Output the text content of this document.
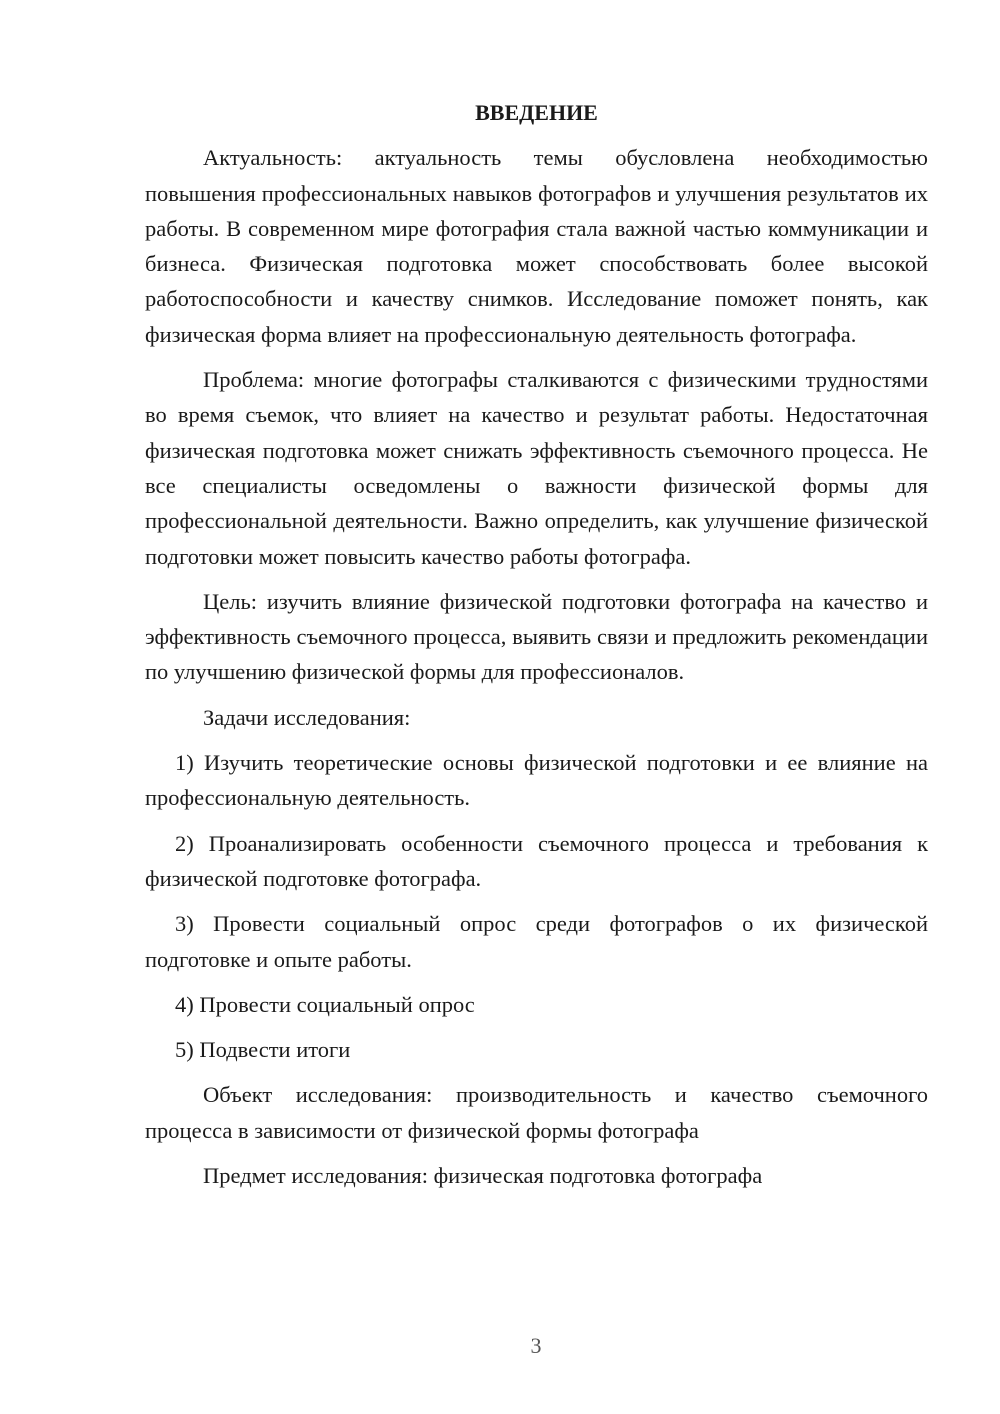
ВВЕДЕНИЕ

Актуальность: актуальность темы обусловлена необходимостью повышения профессиональных навыков фотографов и улучшения результатов их работы. В современном мире фотография стала важной частью коммуникации и бизнеса. Физическая подготовка может способствовать более высокой работоспособности и качеству снимков. Исследование поможет понять, как физическая форма влияет на профессиональную деятельность фотографа.

Проблема: многие фотографы сталкиваются с физическими трудностями во время съемок, что влияет на качество и результат работы. Недостаточная физическая подготовка может снижать эффективность съемочного процесса. Не все специалисты осведомлены о важности физической формы для профессиональной деятельности. Важно определить, как улучшение физической подготовки может повысить качество работы фотографа.

Цель: изучить влияние физической подготовки фотографа на качество и эффективность съемочного процесса, выявить связи и предложить рекомендации по улучшению физической формы для профессионалов.

Задачи исследования:

1) Изучить теоретические основы физической подготовки и ее влияние на профессиональную деятельность.

2) Проанализировать особенности съемочного процесса и требования к физической подготовке фотографа.

3) Провести социальный опрос среди фотографов о их физической подготовке и опыте работы.

4) Провести социальный опрос

5) Подвести итоги

Объект исследования: производительность и качество съемочного процесса в зависимости от физической формы фотографа

Предмет исследования: физическая подготовка фотографа

3
